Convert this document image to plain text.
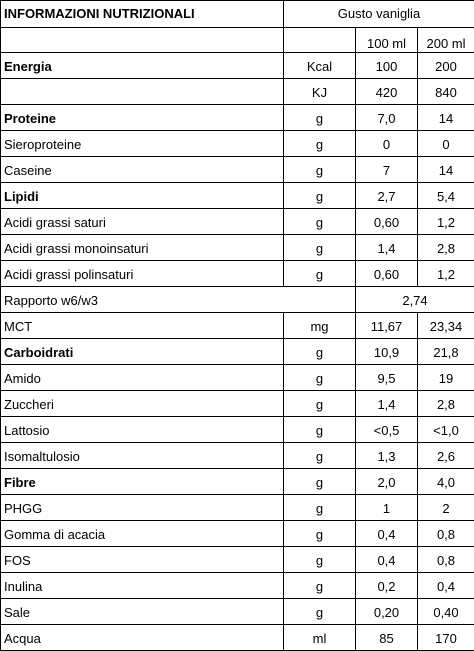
INFORMAZIONI NUTRIZIONALI	Gusto vaniglia		
		100 ml	200 ml
Energia	Kcal	100	200
	KJ	420	840
Proteine	g	7,0	14
Sieroproteine	g	0	0
Caseine	g	7	14
Lipidi	g	2,7	5,4
Acidi grassi saturi	g	0,60	1,2
Acidi grassi monoinsaturi	g	1,4	2,8
Acidi grassi polinsaturi	g	0,60	1,2
Rapporto w6/w3		2,74	
MCT	mg	11,67	23,34
Carboidrati	g	10,9	21,8
Amido	g	9,5	19
Zuccheri	g	1,4	2,8
Lattosio	g	<0,5	<1,0
Isomaltulosio	g	1,3	2,6
Fibre	g	2,0	4,0
PHGG	g	1	2
Gomma di acacia	g	0,4	0,8
FOS	g	0,4	0,8
Inulina	g	0,2	0,4
Sale	g	0,20	0,40
Acqua	ml	85	170
